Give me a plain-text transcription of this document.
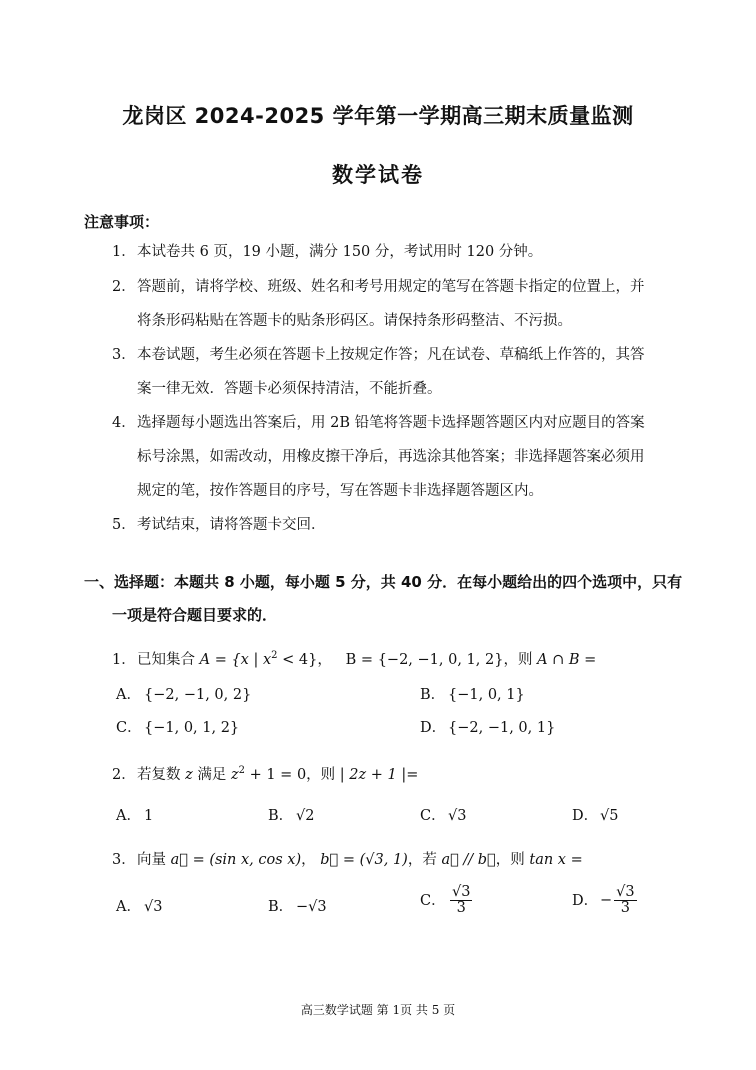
龙岗区 2024-2025 学年第一学期高三期末质量监测
数学试卷
注意事项：
1．本试卷共 6 页，19 小题，满分 150 分，考试用时 120 分钟。
2．答题前，请将学校、班级、姓名和考号用规定的笔写在答题卡指定的位置上，并
将条形码粘贴在答题卡的贴条形码区。请保持条形码整洁、不污损。
3．本卷试题，考生必须在答题卡上按规定作答；凡在试卷、草稿纸上作答的，其答
案一律无效．答题卡必须保持清洁，不能折叠。
4．选择题每小题选出答案后，用 2B 铅笔将答题卡选择题答题区内对应题目的答案
标号涂黑，如需改动，用橡皮擦干净后，再选涂其他答案；非选择题答案必须用
规定的笔，按作答题目的序号，写在答题卡非选择题答题区内。
5．考试结束，请将答题卡交回．
一、选择题：本题共 8 小题，每小题 5 分，共 40 分．在每小题给出的四个选项中，只有
一项是符合题目要求的．
1．已知集合 A = {x | $x^2 < 4$}， B = {−2, −1, 0, 1, 2}，则 A ∩ B =
A． {−2, −1, 0, 2}	B． {−1, 0, 1}
C． {−1, 0, 1, 2}	D． {−2, −1, 0, 1}
2．若复数 z 满足 $z^2 + 1 = 0$，则 | 2z + 1 |=
A． 1	B． √2	C． √3	D． √5
3．向量 a⃗ = (sin x, cos x)， b⃗ = (√3, 1)，若 a⃗ // b⃗，则 tan x =
A． √3	B． −√3	C． $\frac{√3}{3}$	D． − $\frac{√3}{3}$
高三数学试题 第 1页 共 5 页
